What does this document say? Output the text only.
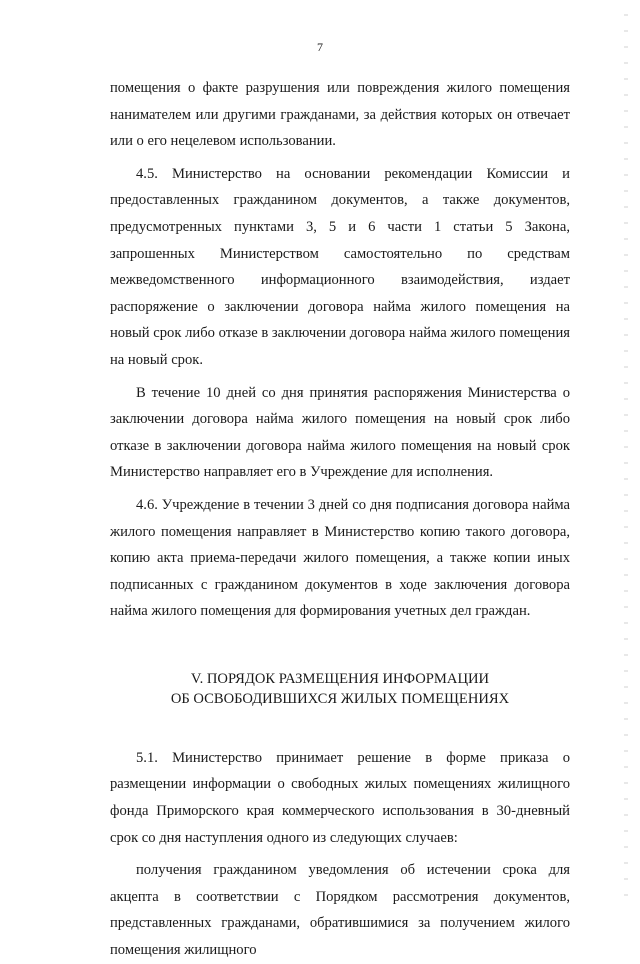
7

помещения о факте разрушения или повреждения жилого помещения нанимателем или другими гражданами, за действия которых он отвечает или о его нецелевом использовании.

4.5. Министерство на основании рекомендации Комиссии и предоставленных гражданином документов, а также документов, предусмотренных пунктами 3, 5 и 6 части 1 статьи 5 Закона, запрошенных Министерством самостоятельно по средствам межведомственного информационного взаимодействия, издает распоряжение о заключении договора найма жилого помещения на новый срок либо отказе в заключении договора найма жилого помещения на новый срок.

В течение 10 дней со дня принятия распоряжения Министерства о заключении договора найма жилого помещения на новый срок либо отказе в заключении договора найма жилого помещения на новый срок Министерство направляет его в Учреждение для исполнения.

4.6. Учреждение в течении 3 дней со дня подписания договора найма жилого помещения направляет в Министерство копию такого договора, копию акта приема-передачи жилого помещения, а также копии иных подписанных с гражданином документов в ходе заключения договора найма жилого помещения для формирования учетных дел граждан.

V. ПОРЯДОК РАЗМЕЩЕНИЯ ИНФОРМАЦИИ
ОБ ОСВОБОДИВШИХСЯ ЖИЛЫХ ПОМЕЩЕНИЯХ

5.1. Министерство принимает решение в форме приказа о размещении информации о свободных жилых помещениях жилищного фонда Приморского края коммерческого использования в 30-дневный срок со дня наступления одного из следующих случаев:

получения гражданином уведомления об истечении срока для акцепта в соответствии с Порядком рассмотрения документов, представленных гражданами, обратившимися за получением жилого помещения жилищного
